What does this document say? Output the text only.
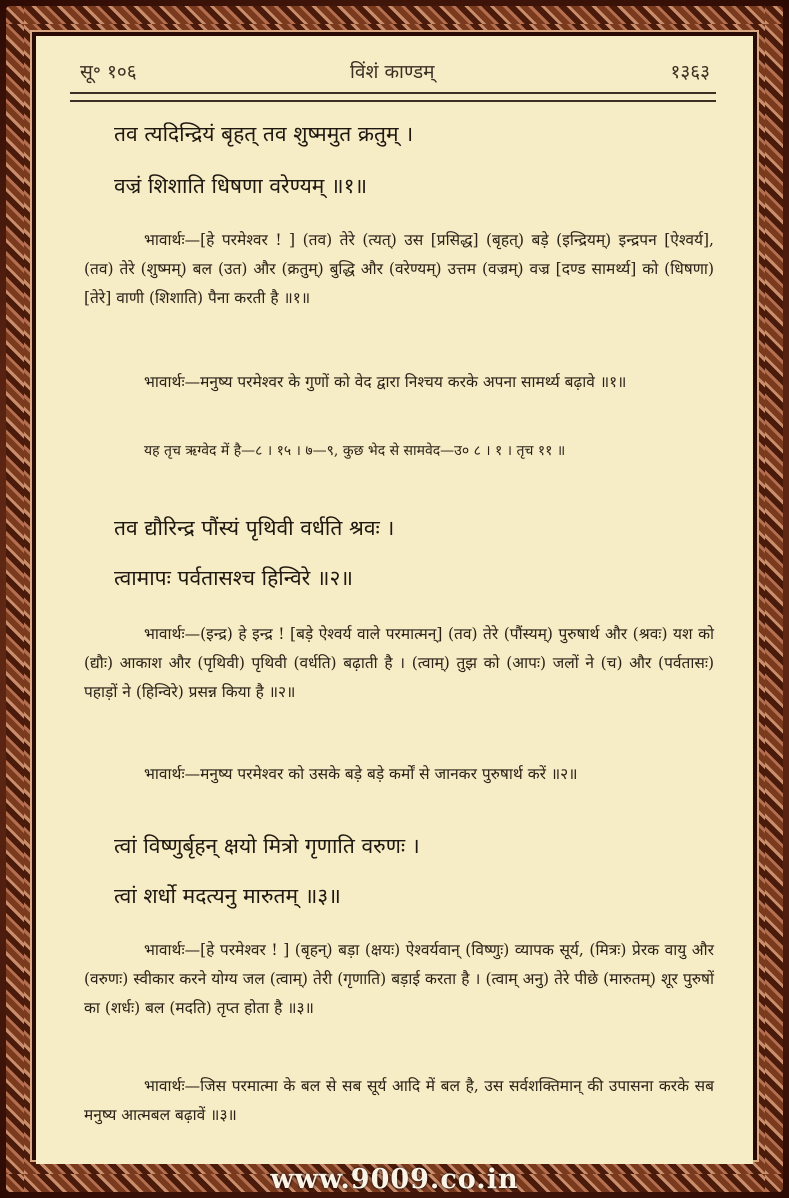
सू॰ १०६	विंशं काण्डम्	१३६३
तव त्यदिन्द्रियं बृहत् तव शुष्ममुत क्रतुम् ।
वज्रं शिशाति धिषणा वरेण्यम् ॥१॥
भावार्थः—[हे परमेश्वर ! ] (तव) तेरे (त्यत्) उस [प्रसिद्ध] (बृहत्) बड़े (इन्द्रियम्) इन्द्रपन [ऐश्वर्य], (तव) तेरे (शुष्मम्) बल (उत) और (क्रतुम्) बुद्धि और (वरेण्यम्) उत्तम (वज्रम्) वज्र [दण्ड सामर्थ्य] को (धिषणा) [तेरे] वाणी (शिशाति) पैना करती है ॥१॥
भावार्थः—मनुष्य परमेश्वर के गुणों को वेद द्वारा निश्चय करके अपना सामर्थ्य बढ़ावे ॥१॥
यह तृच ऋग्वेद में है—८ । १५ । ७—९, कुछ भेद से सामवेद—उ० ८ । १ । तृच ११ ॥
तव द्यौरिन्द्र पौंस्यं पृथिवी वर्धति श्रवः ।
त्वामापः पर्वतासश्च हिन्विरे ॥२॥
भावार्थः—(इन्द्र) हे इन्द्र ! [बड़े ऐश्वर्य वाले परमात्मन्] (तव) तेरे (पौंस्यम्) पुरुषार्थ और (श्रवः) यश को (द्यौः) आकाश और (पृथिवी) पृथिवी (वर्धति) बढ़ाती है । (त्वाम्) तुझ को (आपः) जलों ने (च) और (पर्वतासः) पहाड़ों ने (हिन्विरे) प्रसन्न किया है ॥२॥
भावार्थः—मनुष्य परमेश्वर को उसके बड़े बड़े कर्मों से जानकर पुरुषार्थ करें ॥२॥
त्वां विष्णुर्बृहन् क्षयो मित्रो गृणाति वरुणः ।
त्वां शर्धो मदत्यनु मारुतम् ॥३॥
भावार्थः—[हे परमेश्वर ! ] (बृहन्) बड़ा (क्षयः) ऐश्वर्यवान् (विष्णुः) व्यापक सूर्य, (मित्रः) प्रेरक वायु और (वरुणः) स्वीकार करने योग्य जल (त्वाम्) तेरी (गृणाति) बड़ाई करता है । (त्वाम् अनु) तेरे पीछे (मारुतम्) शूर पुरुषों का (शर्धः) बल (मदति) तृप्त होता है ॥३॥
भावार्थः—जिस परमात्मा के बल से सब सूर्य आदि में बल है, उस सर्वशक्तिमान् की उपासना करके सब मनुष्य आत्मबल बढ़ावें ॥३॥
www.9009.co.in
